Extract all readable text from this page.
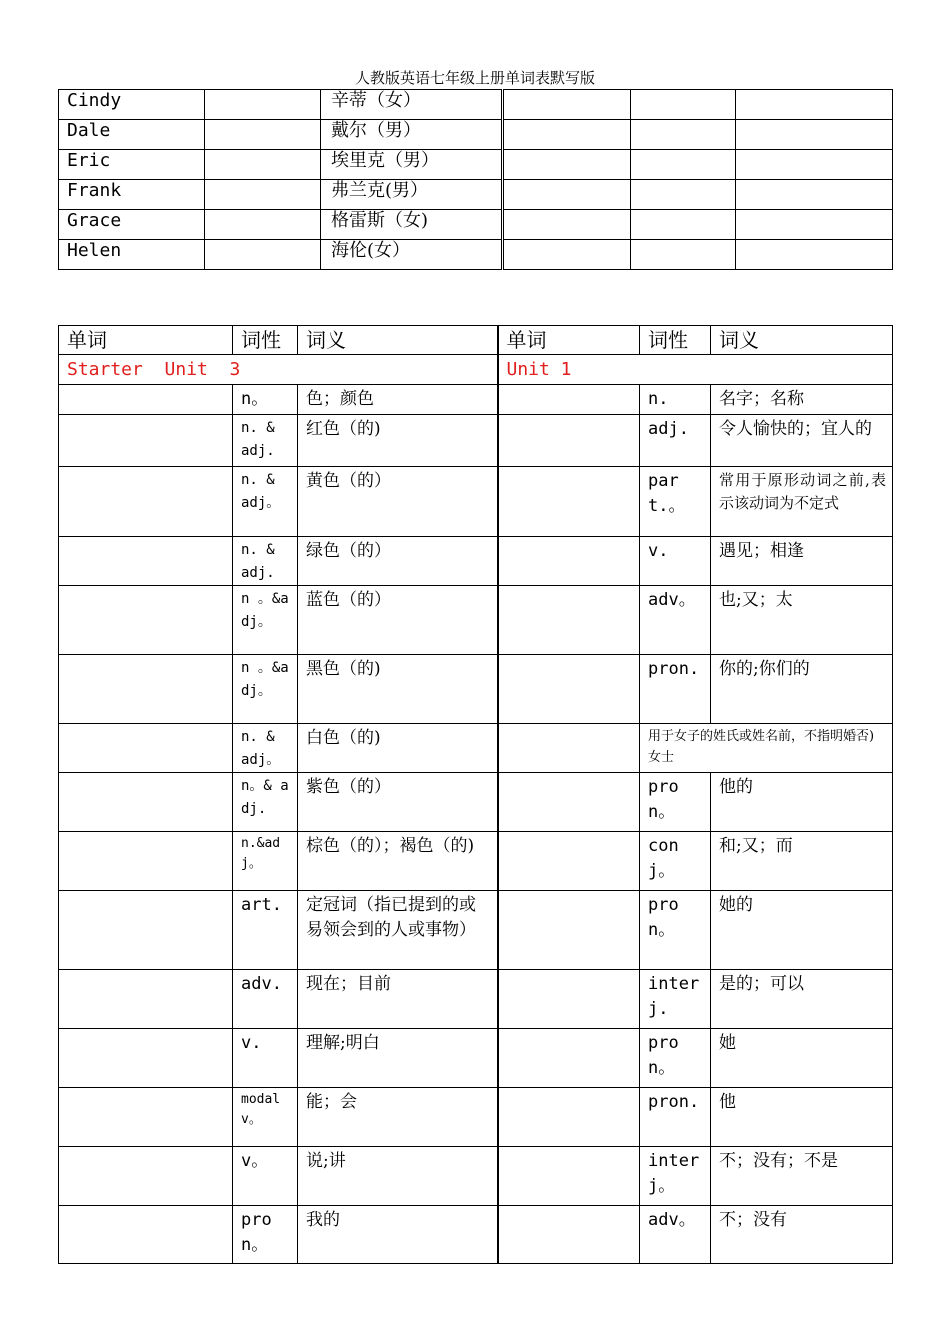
人教版英语七年级上册单词表默写版
Cindy		辛蒂（女）			
Dale		戴尔（男）			
Eric		埃里克（男）			
Frank		弗兰克(男）			
Grace		格雷斯（女)			
Helen		海伦(女）			
单词	词性	词义	单词	词性	词义
Starter  Unit  3			Unit 1		
	n。	色；颜色		n.	名字；名称
	n. & adj.	红色（的)		adj.	令人愉快的；宜人的
	n. & adj。	黄色（的）		part.。	常用于原形动词之前,表示该动词为不定式
	n. & adj.	绿色（的）		v.	遇见；相逢
	n 。&adj。	蓝色（的）		adv。	也;又；太
	n 。&adj。	黑色（的)		pron.	你的;你们的
	n. & adj。	白色（的)		用于女子的姓氏或姓名前，不指明婚否)女士	
	n。& adj.	紫色（的）		pron。	他的
	n.&adj。	棕色（的）；褐色（的)		conj。	和;又；而
	art.	定冠词（指已提到的或易领会到的人或事物）		pron。	她的
	adv.	现在；目前		interj.	是的；可以
	v.	理解;明白		pron。	她
	modal v。	能；会		pron.	他
	v。	说;讲		interj。	不；没有；不是
	pron。	我的		adv。	不；没有
